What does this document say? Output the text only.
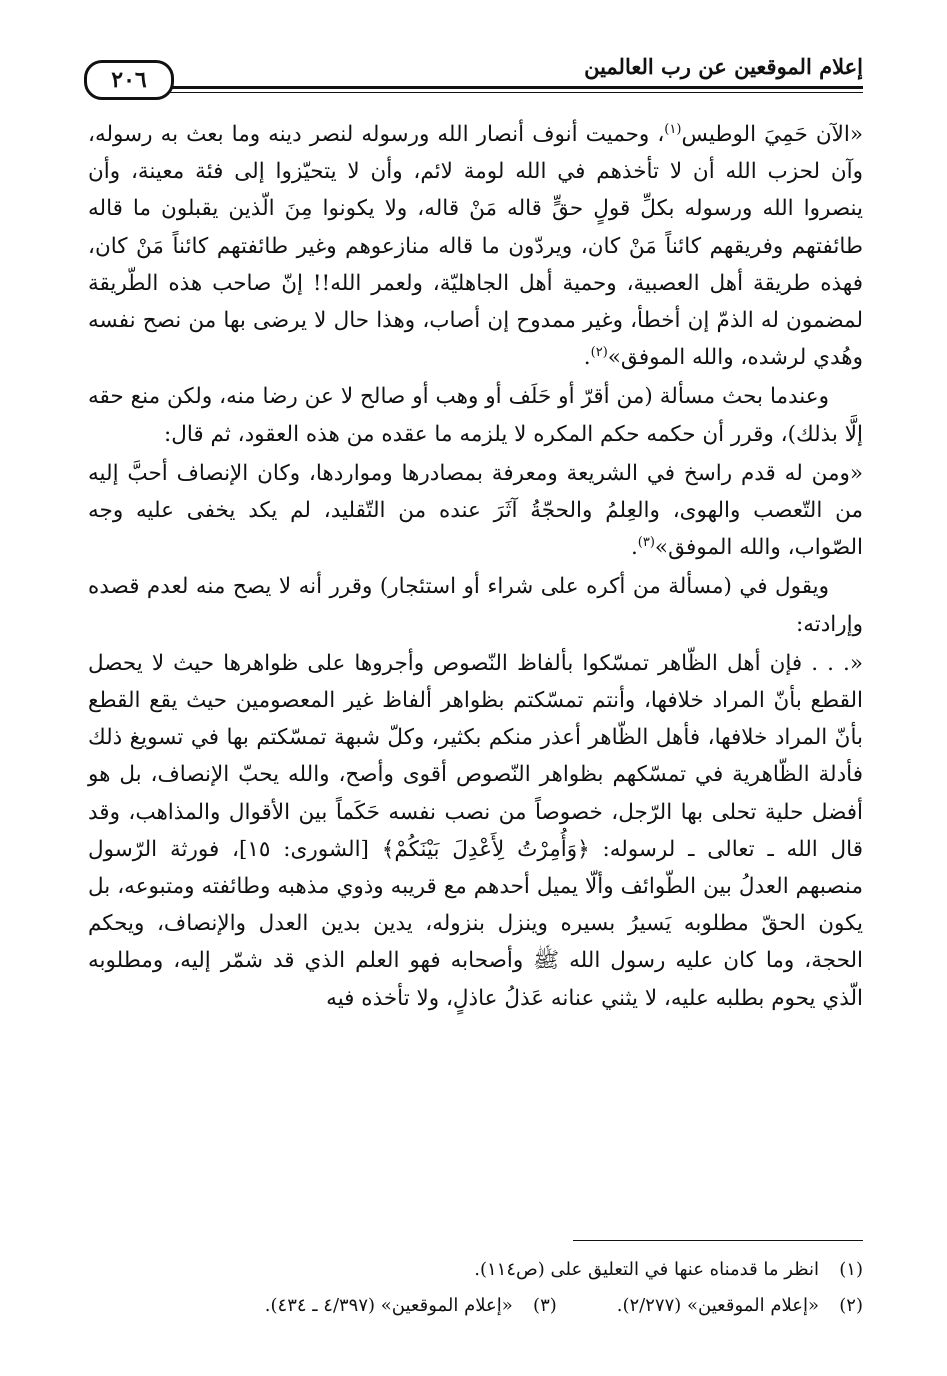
إعلام الموقعين عن رب العالمين
٢٠٦

«الآن حَمِيَ الوطيس$^{(١)}$، وحميت أنوف أنصار الله ورسوله لنصر دينه وما بعث به رسوله، وآن لحزب الله أن لا تأخذهم في الله لومة لائم، وأن لا يتحيّزوا إلى فئة معينة، وأن ينصروا الله ورسوله بكلِّ قولٍ حقٍّ قاله مَنْ قاله، ولا يكونوا مِنَ الّذين يقبلون ما قاله طائفتهم وفريقهم كائناً مَنْ كان، ويردّون ما قاله منازعوهم وغير طائفتهم كائناً مَنْ كان، فهذه طريقة أهل العصبية، وحمية أهل الجاهليّة، ولعمر الله!! إنّ صاحب هذه الطّريقة لمضمون له الذمّ إن أخطأ، وغير ممدوح إن أصاب، وهذا حال لا يرضى بها من نصح نفسه وهُدي لرشده، والله الموفق»$^{(٢)}$.

وعندما بحث مسألة (من أقرّ أو حَلَف أو وهب أو صالح لا عن رضا منه، ولكن منع حقه إلَّا بذلك)، وقرر أن حكمه حكم المكره لا يلزمه ما عقده من هذه العقود، ثم قال:

«ومن له قدم راسخ في الشريعة ومعرفة بمصادرها ومواردها، وكان الإنصاف أحبَّ إليه من التّعصب والهوى، والعِلمُ والحجّةُ آثَرَ عنده من التّقليد، لم يكد يخفى عليه وجه الصّواب، والله الموفق»$^{(٣)}$.

ويقول في (مسألة من أكره على شراء أو استئجار) وقرر أنه لا يصح منه لعدم قصده وإرادته:

«. . . فإن أهل الظّاهر تمسّكوا بألفاظ النّصوص وأجروها على ظواهرها حيث لا يحصل القطع بأنّ المراد خلافها، وأنتم تمسّكتم بظواهر ألفاظ غير المعصومين حيث يقع القطع بأنّ المراد خلافها، فأهل الظّاهر أعذر منكم بكثير، وكلّ شبهة تمسّكتم بها في تسويغ ذلك فأدلة الظّاهرية في تمسّكهم بظواهر النّصوص أقوى وأصح، والله يحبّ الإنصاف، بل هو أفضل حلية تحلى بها الرّجل، خصوصاً من نصب نفسه حَكَماً بين الأقوال والمذاهب، وقد قال الله ـ تعالى ـ لرسوله: ﴿وَأُمِرْتُ لِأَعْدِلَ بَيْنَكُمْ﴾ [الشورى: ١٥]، فورثة الرّسول منصبهم العدلُ بين الطّوائف وألّا يميل أحدهم مع قريبه وذوي مذهبه وطائفته ومتبوعه، بل يكون الحقّ مطلوبه يَسيرُ بسيره وينزل بنزوله، يدين بدين العدل والإنصاف، ويحكم الحجة، وما كان عليه رسول الله ﷺ وأصحابه فهو العلم الذي قد شمّر إليه، ومطلوبه الّذي يحوم بطلبه عليه، لا يثني عنانه عَذلُ عاذلٍ، ولا تأخذه فيه

(١)انظر ما قدمناه عنها في التعليق على (ص١١٤).
(٢)«إعلام الموقعين» (٢/٢٧٧).(٣)«إعلام الموقعين» (٤/٣٩٧ ـ ٤٣٤).
